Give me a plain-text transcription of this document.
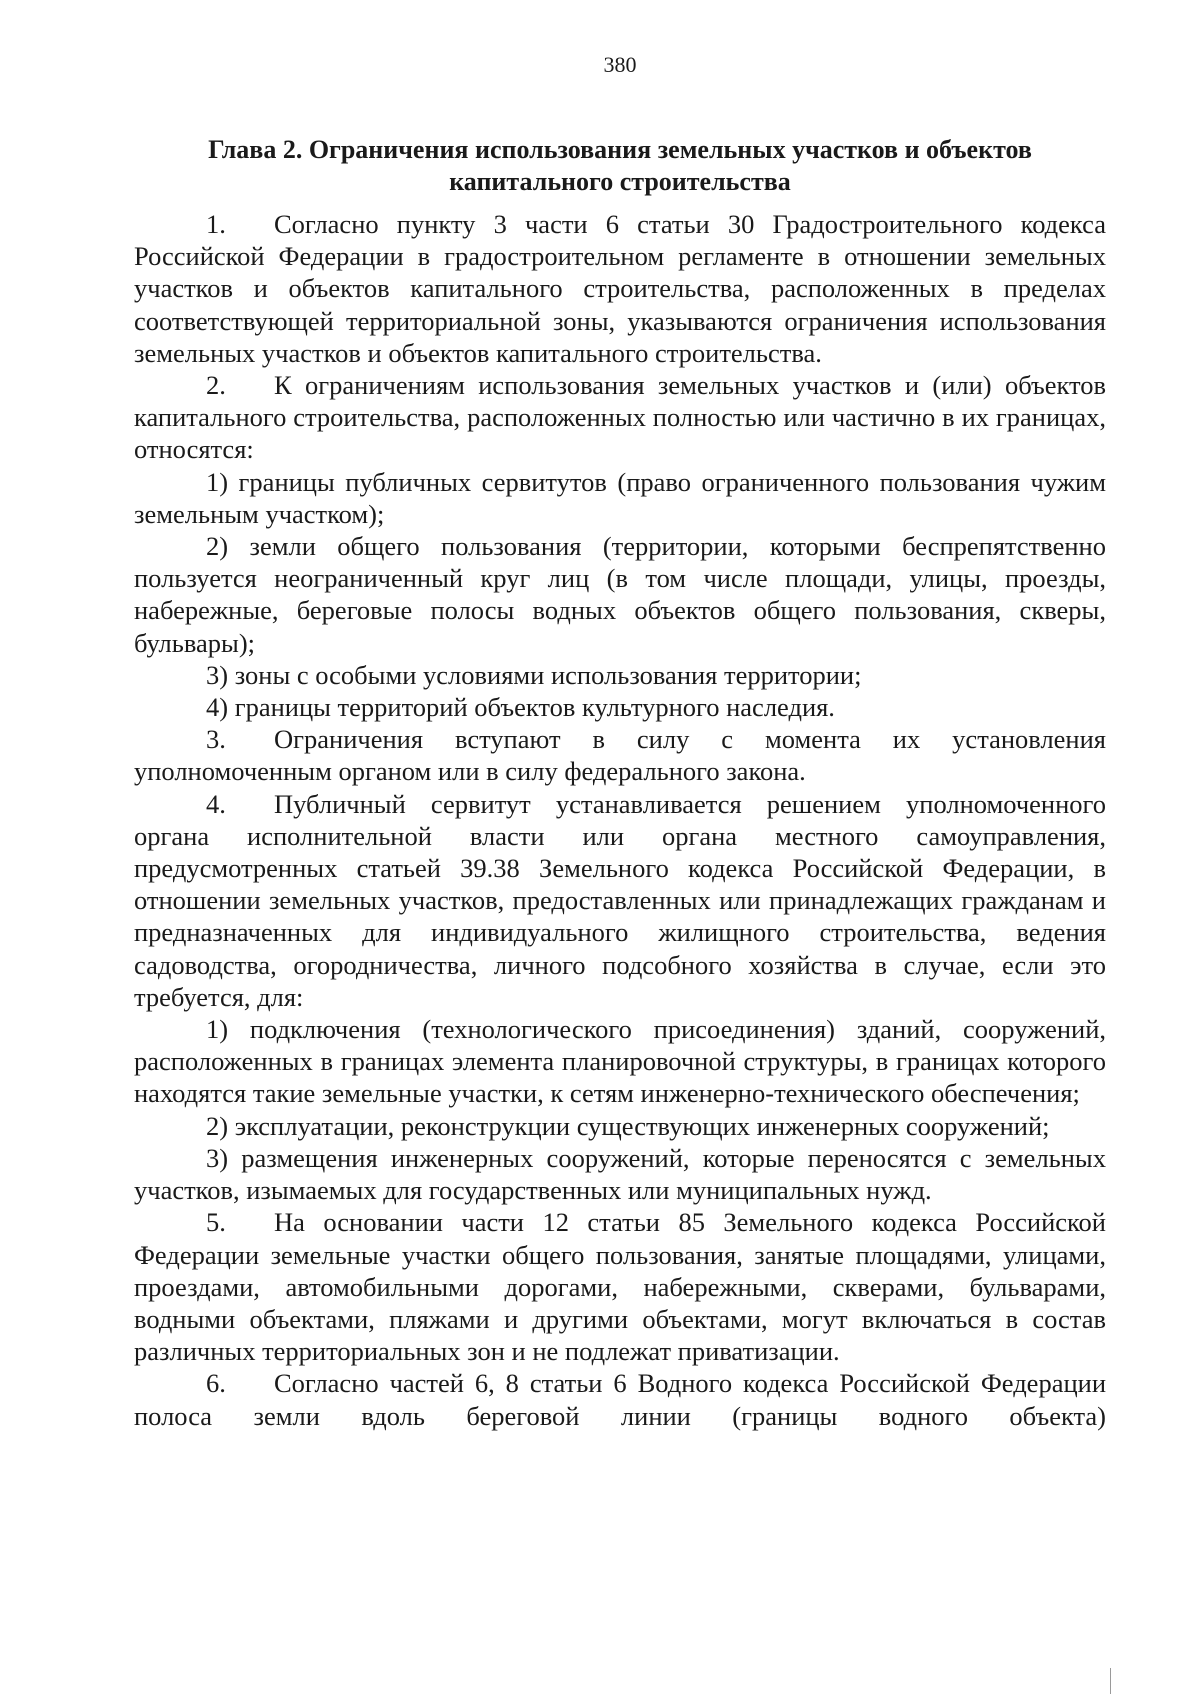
380
Глава 2. Ограничения использования земельных участков и объектов
капитального строительства

1. Согласно пункту 3 части 6 статьи 30 Градостроительного кодекса Российской Федерации в градостроительном регламенте в отношении земельных участков и объектов капитального строительства, расположенных в пределах соответствующей территориальной зоны, указываются ограничения использования земельных участков и объектов капитального строительства.

2. К ограничениям использования земельных участков и (или) объектов капитального строительства, расположенных полностью или частично в их границах, относятся:

1) границы публичных сервитутов (право ограниченного пользования чужим земельным участком);

2) земли общего пользования (территории, которыми беспрепятственно пользуется неограниченный круг лиц (в том числе площади, улицы, проезды, набережные, береговые полосы водных объектов общего пользования, скверы, бульвары);

3) зоны с особыми условиями использования территории;

4) границы территорий объектов культурного наследия.

3. Ограничения вступают в силу с момента их установления уполномоченным органом или в силу федерального закона.

4. Публичный сервитут устанавливается решением уполномоченного органа исполнительной власти или органа местного самоуправления, предусмотренных статьей 39.38 Земельного кодекса Российской Федерации, в отношении земельных участков, предоставленных или принадлежащих гражданам и предназначенных для индивидуального жилищного строительства, ведения садоводства, огородничества, личного подсобного хозяйства в случае, если это требуется, для:

1) подключения (технологического присоединения) зданий, сооружений, расположенных в границах элемента планировочной структуры, в границах которого находятся такие земельные участки, к сетям инженерно-технического обеспечения;

2) эксплуатации, реконструкции существующих инженерных сооружений;

3) размещения инженерных сооружений, которые переносятся с земельных участков, изымаемых для государственных или муниципальных нужд.

5. На основании части 12 статьи 85 Земельного кодекса Российской Федерации земельные участки общего пользования, занятые площадями, улицами, проездами, автомобильными дорогами, набережными, скверами, бульварами, водными объектами, пляжами и другими объектами, могут включаться в состав различных территориальных зон и не подлежат приватизации.

6. Согласно частей 6, 8 статьи 6 Водного кодекса Российской Федерации полоса земли вдоль береговой линии (границы водного объекта)
